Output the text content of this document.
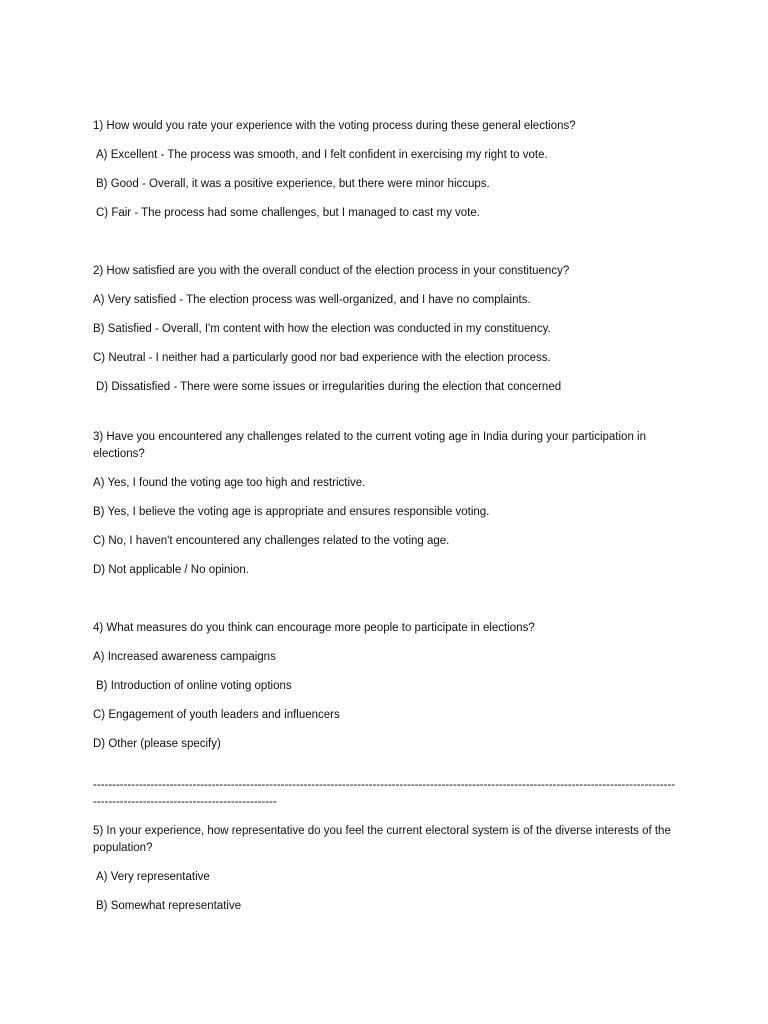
1) How would you rate your experience with the voting process during these general elections?

A) Excellent - The process was smooth, and I felt confident in exercising my right to vote.

B) Good - Overall, it was a positive experience, but there were minor hiccups.

C) Fair - The process had some challenges, but I managed to cast my vote.

2) How satisfied are you with the overall conduct of the election process in your constituency?

A) Very satisfied - The election process was well-organized, and I have no complaints.

B) Satisfied - Overall, I'm content with how the election was conducted in my constituency.

C) Neutral - I neither had a particularly good nor bad experience with the election process.

D) Dissatisfied - There were some issues or irregularities during the election that concerned

3) Have you encountered any challenges related to the current voting age in India during your participation in elections?

A) Yes, I found the voting age too high and restrictive.

B) Yes, I believe the voting age is appropriate and ensures responsible voting.

C) No, I haven't encountered any challenges related to the voting age.

D) Not applicable / No opinion.

4) What measures do you think can encourage more people to participate in elections?

A) Increased awareness campaigns

B) Introduction of online voting options

C) Engagement of youth leaders and influencers

D) Other (please specify)

--------------------------------------------------------------------------------------------------------------------------------------------------------------------------------------------------------

5) In your experience, how representative do you feel the current electoral system is of the diverse interests of the population?

A) Very representative

B) Somewhat representative
